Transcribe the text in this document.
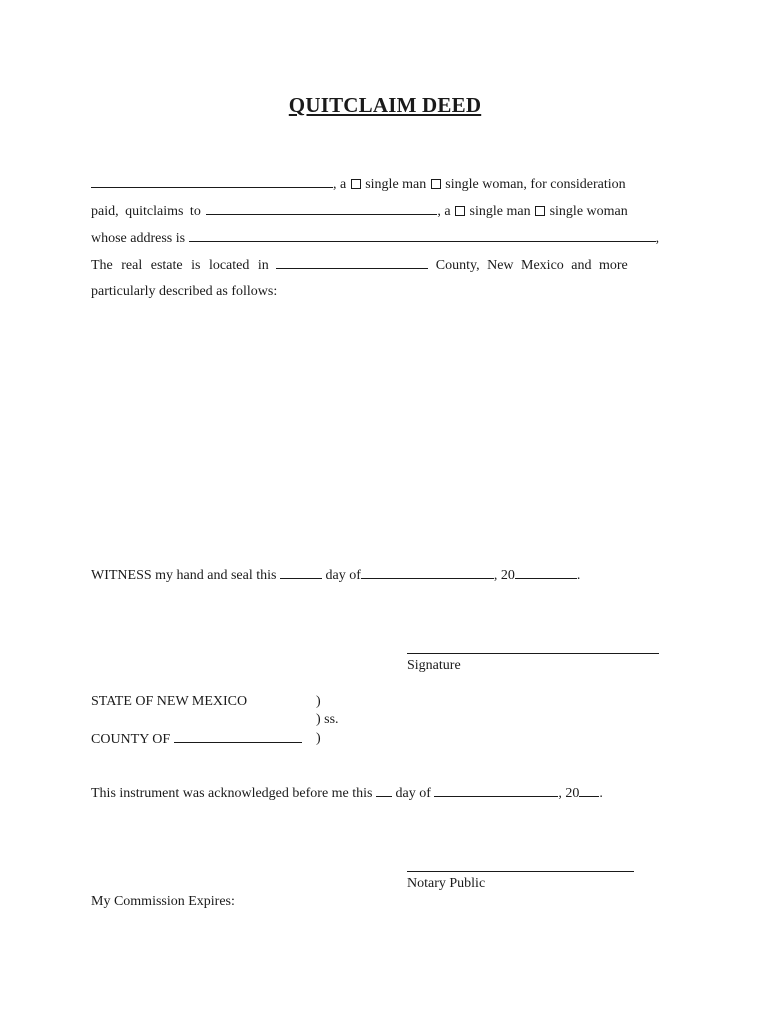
QUITCLAIM DEED
, a single man single woman, for consideration
paid, quitclaims to	, a single man single woman
whose address is	,
The real estate is located in	County, New Mexico and more
particularly described as follows:
WITNESS my hand and seal this	day of	, 20	.
Signature
STATE OF NEW MEXICO	)
) ss.
)
COUNTY OF
This instrument was acknowledged before me this day of	, 20 .
Notary Public
My Commission Expires:
